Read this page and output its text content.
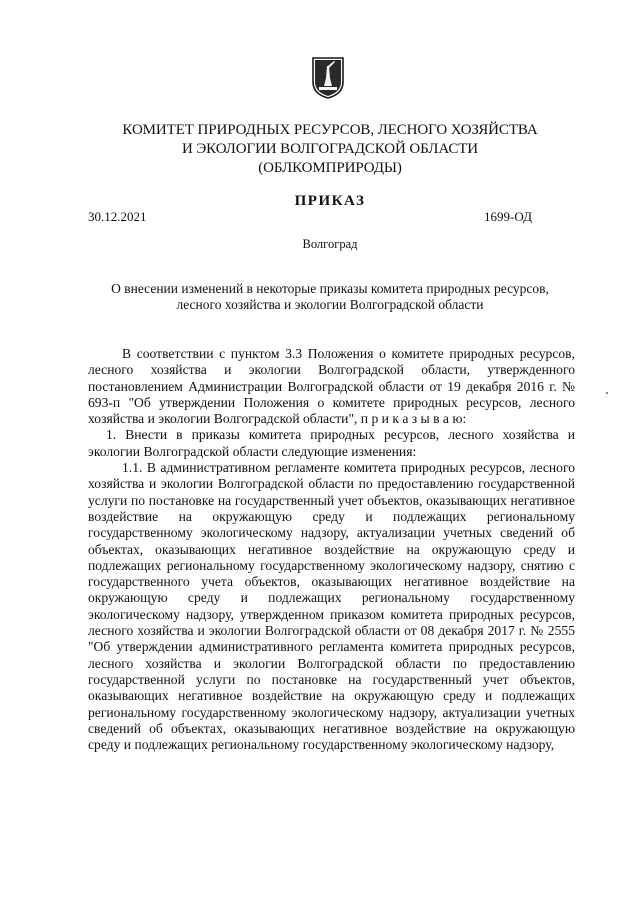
КОМИТЕТ ПРИРОДНЫХ РЕСУРСОВ, ЛЕСНОГО ХОЗЯЙСТВА
И ЭКОЛОГИИ ВОЛГОГРАДСКОЙ ОБЛАСТИ
(ОБЛКОМПРИРОДЫ)
ПРИКАЗ
30.12.2021	1699-ОД
Волгоград
О внесении изменений в некоторые приказы комитета природных ресурсов,
лесного хозяйства и экологии Волгоградской области

В соответствии с пунктом 3.3 Положения о комитете природных ресурсов, лесного хозяйства и экологии Волгоградской области, утвержденного постановлением Администрации Волгоградской области от 19 декабря 2016 г. № 693-п "Об утверждении Положения о комитете природных ресурсов, лесного хозяйства и экологии Волгоградской области", п р и к а з ы в а ю:

1. Внести в приказы комитета природных ресурсов, лесного хозяйства и экологии Волгоградской области следующие изменения:

1.1. В административном регламенте комитета природных ресурсов, лесного хозяйства и экологии Волгоградской области по предоставлению государственной услуги по постановке на государственный учет объектов, оказывающих негативное воздействие на окружающую среду и подлежащих региональному государственному экологическому надзору, актуализации учетных сведений об объектах, оказывающих негативное воздействие на окружающую среду и подлежащих региональному государственному экологическому надзору, снятию с государственного учета объектов, оказывающих негативное воздействие на окружающую среду и подлежащих региональному государственному экологическому надзору, утвержденном приказом комитета природных ресурсов, лесного хозяйства и экологии Волгоградской области от 08 декабря 2017 г. № 2555 "Об утверждении административного регламента комитета природных ресурсов, лесного хозяйства и экологии Волгоградской области по предоставлению государственной услуги по постановке на государственный учет объектов, оказывающих негативное воздействие на окружающую среду и подлежащих региональному государственному экологическому надзору, актуализации учетных сведений об объектах, оказывающих негативное воздействие на окружающую среду и подлежащих региональному государственному экологическому надзору,
